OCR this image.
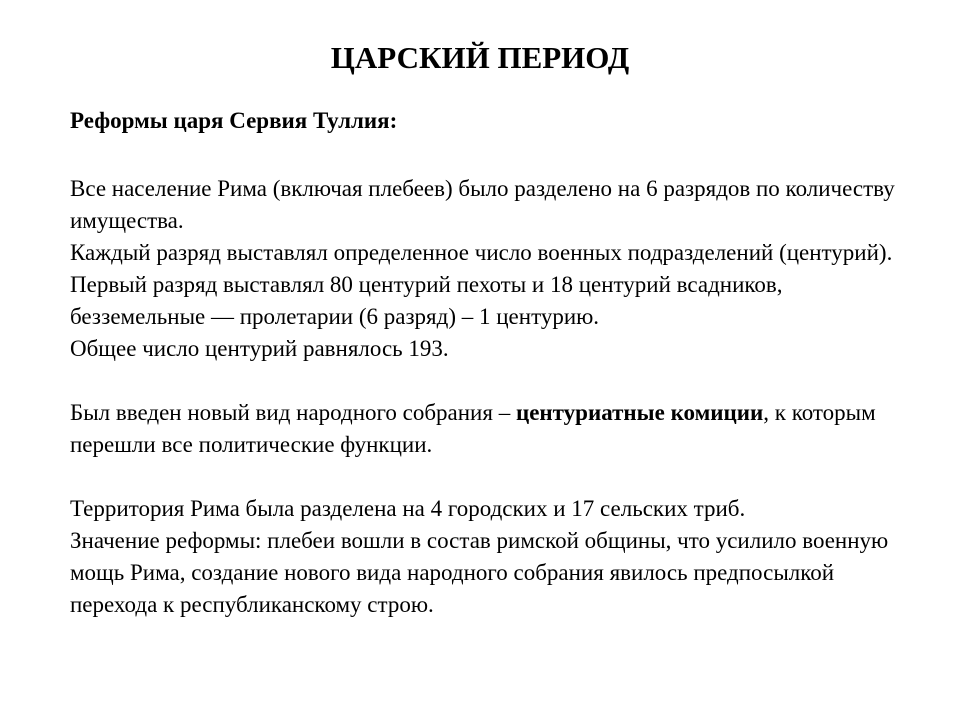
ЦАРСКИЙ ПЕРИОД
Реформы царя Сервия Туллия:

Все население Рима (включая плебеев) было разделено на 6 разрядов по количеству имущества.

Каждый разряд выставлял определенное число военных подразделений (центурий).

Первый разряд выставлял 80 центурий пехоты и 18 центурий всадников, безземельные — пролетарии (6 разряд) – 1 центурию.

Общее число центурий равнялось 193.

Был введен новый вид народного собрания – центуриатные комиции, к которым перешли все политические функции.

Территория Рима была разделена на 4 городских и 17 сельских триб.

Значение реформы: плебеи вошли в состав римской общины, что усилило военную мощь Рима, создание нового вида народного собрания явилось предпосылкой перехода к республиканскому строю.
